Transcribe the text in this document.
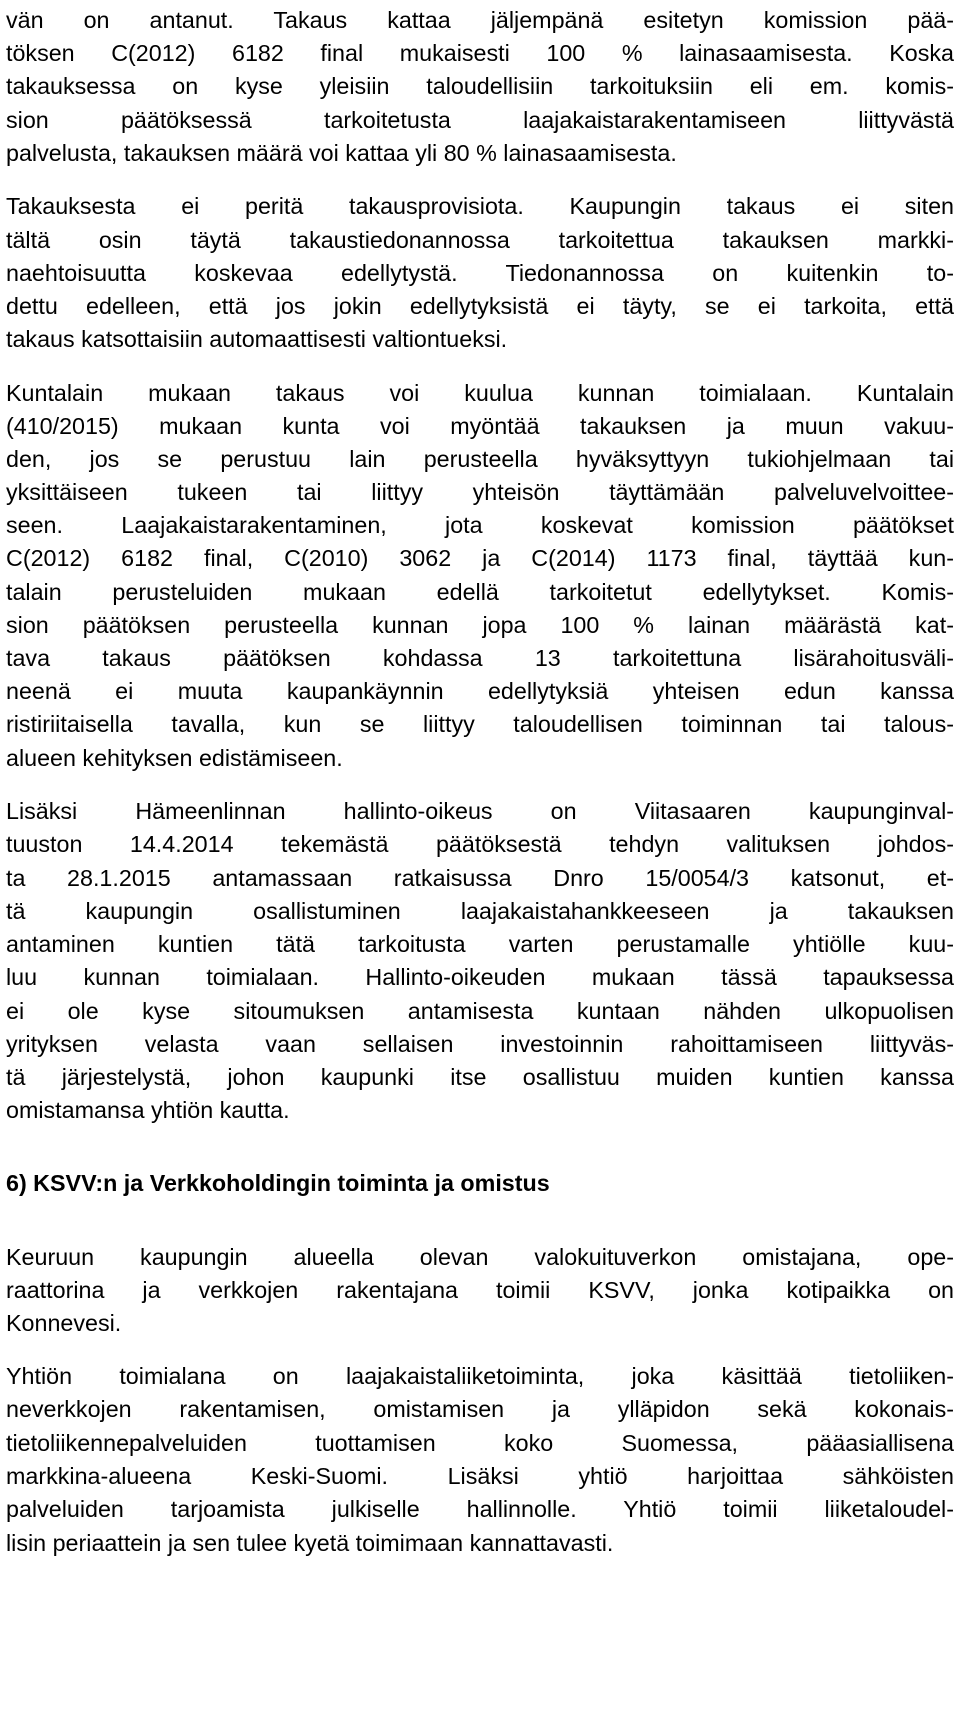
vän on antanut. Takaus kattaa jäljempänä esitetyn komission pää-
töksen C(2012) 6182 final mukaisesti 100 % lainasaamisesta. Koska
takauksessa on kyse yleisiin taloudellisiin tarkoituksiin eli em. komis-
sion päätöksessä tarkoitetusta laajakaistarakentamiseen liittyvästä
palvelusta, takauksen määrä voi kattaa yli 80 % lainasaamisesta.
Takauksesta ei peritä takausprovisiota. Kaupungin takaus ei siten
tältä osin täytä takaustiedonannossa tarkoitettua takauksen markki-
naehtoisuutta koskevaa edellytystä. Tiedonannossa on kuitenkin to-
dettu edelleen, että jos jokin edellytyksistä ei täyty, se ei tarkoita, että
takaus katsottaisiin automaattisesti valtiontueksi.
Kuntalain mukaan takaus voi kuulua kunnan toimialaan. Kuntalain
(410/2015) mukaan kunta voi myöntää takauksen ja muun vakuu-
den, jos se perustuu lain perusteella hyväksyttyyn tukiohjelmaan tai
yksittäiseen tukeen tai liittyy yhteisön täyttämään palveluvelvoittee-
seen. Laajakaistarakentaminen, jota koskevat komission päätökset
C(2012) 6182 final, C(2010) 3062 ja C(2014) 1173 final, täyttää kun-
talain perusteluiden mukaan edellä tarkoitetut edellytykset. Komis-
sion päätöksen perusteella kunnan jopa 100 % lainan määrästä kat-
tava takaus päätöksen kohdassa 13 tarkoitettuna lisärahoitusväli-
neenä ei muuta kaupankäynnin edellytyksiä yhteisen edun kanssa
ristiriitaisella tavalla, kun se liittyy taloudellisen toiminnan tai talous-
alueen kehityksen edistämiseen.
Lisäksi Hämeenlinnan hallinto-oikeus on Viitasaaren kaupunginval-
tuuston 14.4.2014 tekemästä päätöksestä tehdyn valituksen johdos-
ta 28.1.2015 antamassaan ratkaisussa Dnro 15/0054/3 katsonut, et-
tä kaupungin osallistuminen laajakaistahankkeeseen ja takauksen
antaminen kuntien tätä tarkoitusta varten perustamalle yhtiölle kuu-
luu kunnan toimialaan. Hallinto-oikeuden mukaan tässä tapauksessa
ei ole kyse sitoumuksen antamisesta kuntaan nähden ulkopuolisen
yrityksen velasta vaan sellaisen investoinnin rahoittamiseen liittyväs-
tä järjestelystä, johon kaupunki itse osallistuu muiden kuntien kanssa
omistamansa yhtiön kautta.
6) KSVV:n ja Verkkoholdingin toiminta ja omistus
Keuruun kaupungin alueella olevan valokuituverkon omistajana, ope-
raattorina ja verkkojen rakentajana toimii KSVV, jonka kotipaikka on
Konnevesi.
Yhtiön toimialana on laajakaistaliiketoiminta, joka käsittää tietoliiken-
neverkkojen rakentamisen, omistamisen ja ylläpidon sekä kokonais-
tietoliikennepalveluiden tuottamisen koko Suomessa, pääasiallisena
markkina-alueena Keski-Suomi. Lisäksi yhtiö harjoittaa sähköisten
palveluiden tarjoamista julkiselle hallinnolle. Yhtiö toimii liiketaloudel-
lisin periaattein ja sen tulee kyetä toimimaan kannattavasti.
